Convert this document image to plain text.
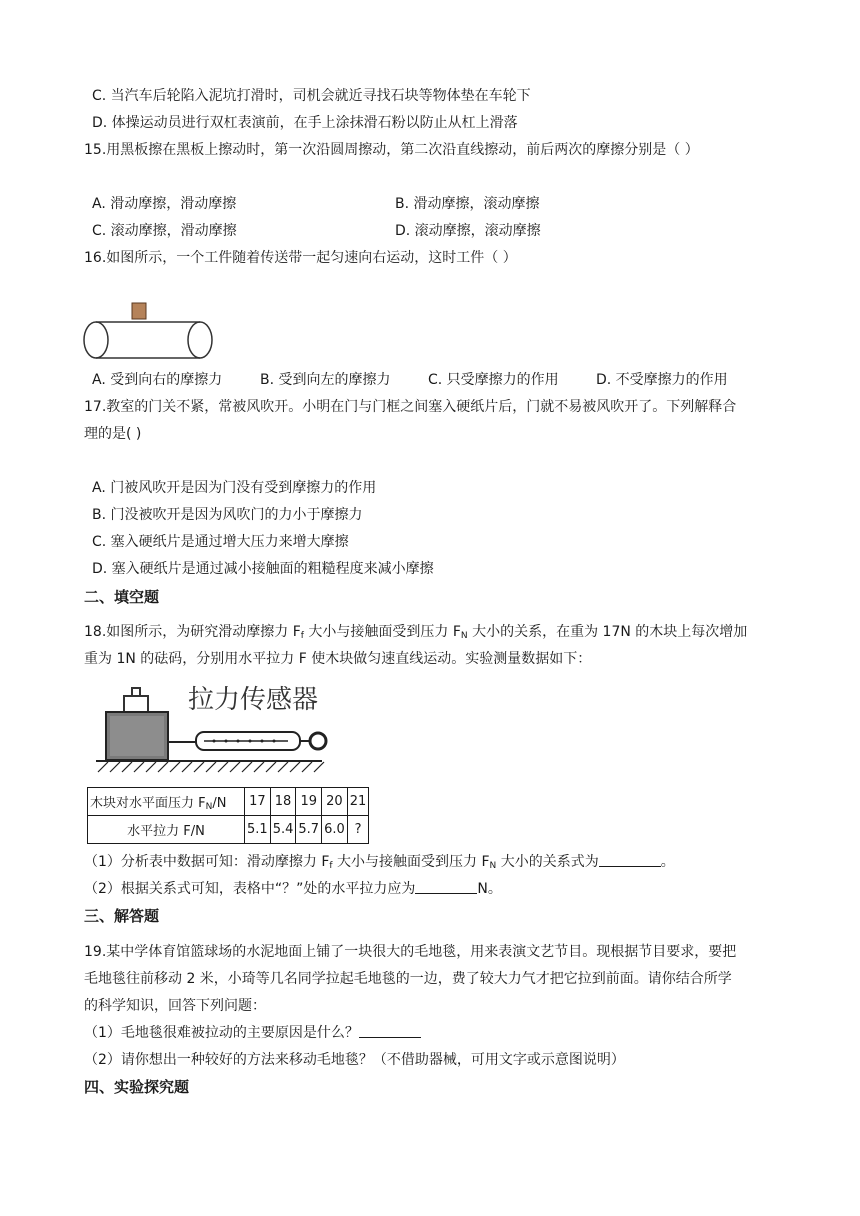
C. 当汽车后轮陷入泥坑打滑时，司机会就近寻找石块等物体垫在车轮下
D. 体操运动员进行双杠表演前，在手上涂抹滑石粉以防止从杠上滑落
15.用黑板擦在黑板上擦动时，第一次沿圆周擦动，第二次沿直线擦动，前后两次的摩擦分别是（ ）
A. 滑动摩擦，滑动摩擦	B. 滑动摩擦，滚动摩擦
C. 滚动摩擦，滑动摩擦	D. 滚动摩擦，滚动摩擦
16.如图所示，一个工件随着传送带一起匀速向右运动，这时工件（ ）
A. 受到向右的摩擦力	B. 受到向左的摩擦力	C. 只受摩擦力的作用	D. 不受摩擦力的作用
17.教室的门关不紧，常被风吹开。小明在门与门框之间塞入硬纸片后，门就不易被风吹开了。下列解释合
理的是( )
A. 门被风吹开是因为门没有受到摩擦力的作用
B. 门没被吹开是因为风吹门的力小于摩擦力
C. 塞入硬纸片是通过增大压力来增大摩擦
D. 塞入硬纸片是通过减小接触面的粗糙程度来减小摩擦
二、填空题
18.如图所示，为研究滑动摩擦力 $F_f$ 大小与接触面受到压力 $F_N$ 大小的关系，在重为 17N 的木块上每次增加
重为 1N 的砝码，分别用水平拉力 F 使木块做匀速直线运动。实验测量数据如下：
拉力传感器
木块对水平面压力 $F_N/N$	17	18	19	20	21
水平拉力 F/N	5.1	5.4	5.7	6.0	?
（1）分析表中数据可知：滑动摩擦力 $F_f$ 大小与接触面受到压力 $F_N$ 大小的关系式为	。
（2）根据关系式可知，表格中“？”处的水平拉力应为	N。
三、解答题
19.某中学体育馆篮球场的水泥地面上铺了一块很大的毛地毯，用来表演文艺节目。现根据节目要求，要把
毛地毯往前移动 2 米，小琦等几名同学拉起毛地毯的一边，费了较大力气才把它拉到前面。请你结合所学
的科学知识，回答下列问题：
（1）毛地毯很难被拉动的主要原因是什么？
（2）请你想出一种较好的方法来移动毛地毯？（不借助器械，可用文字或示意图说明）
四、实验探究题
